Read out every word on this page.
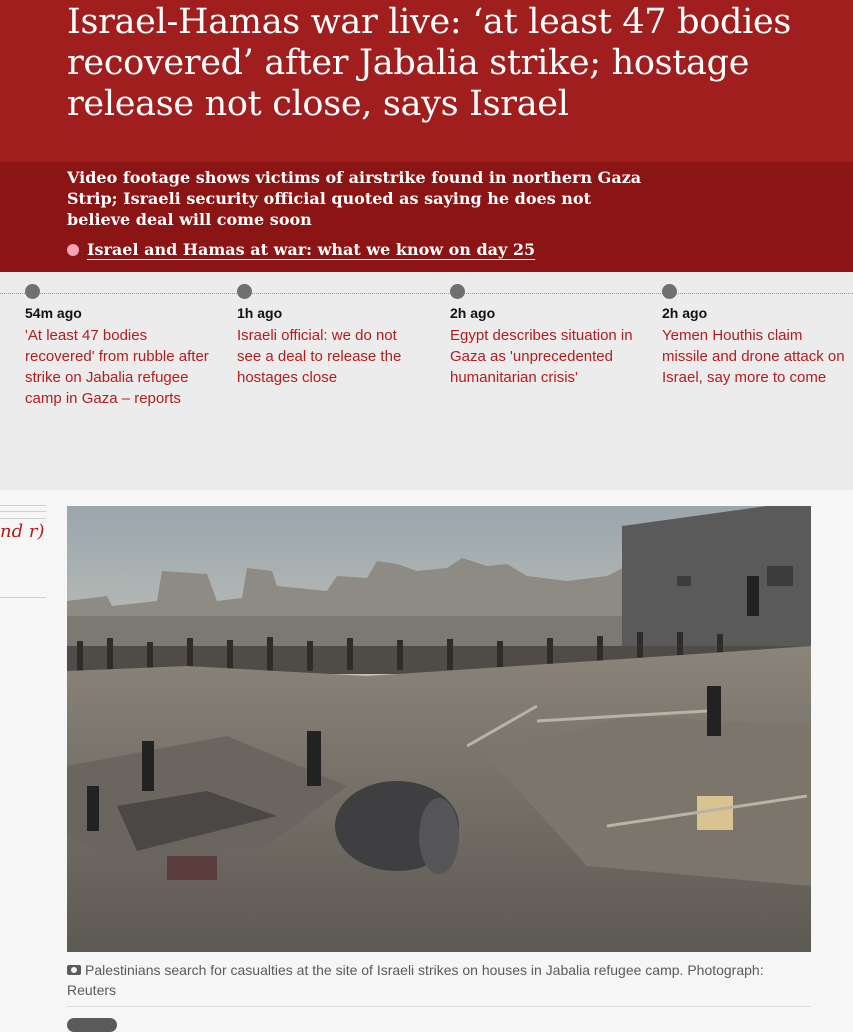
Israel-Hamas war live: ‘at least 47 bodies recovered’ after Jabalia strike; hostage release not close, says Israel

Video footage shows victims of airstrike found in northern Gaza Strip; Israeli security official quoted as saying he does not believe deal will come soon

Israel and Hamas at war: what we know on day 25
54m ago
'At least 47 bodies recovered' from rubble after strike on Jabalia refugee camp in Gaza – reports
1h ago
Israeli official: we do not see a deal to release the hostages close
2h ago
Egypt describes situation in Gaza as 'unprecedented humanitarian crisis'
2h ago
Yemen Houthis claim missile and drone attack on Israel, say more to come
nd r)

Palestinians search for casualties at the site of Israeli strikes on houses in Jabalia refugee camp. Photograph: Reuters
